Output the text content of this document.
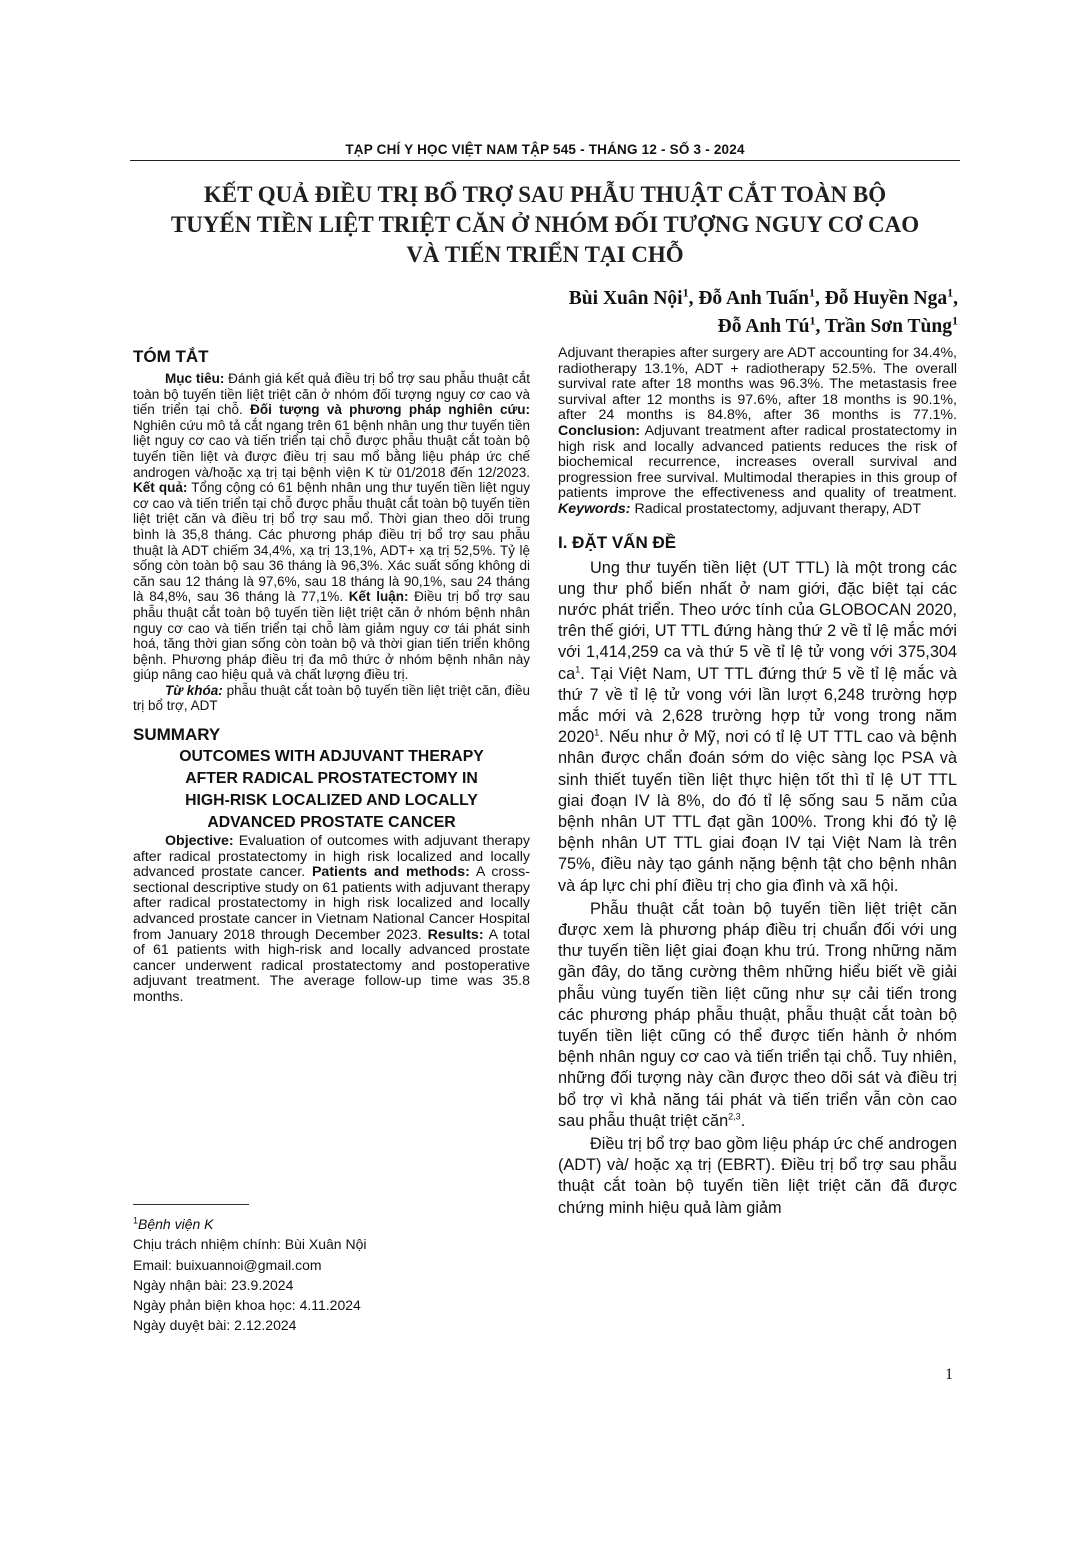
TẠP CHÍ Y HỌC VIỆT NAM TẬP 545 - THÁNG 12 - SỐ 3 - 2024
KẾT QUẢ ĐIỀU TRỊ BỔ TRỢ SAU PHẪU THUẬT CẮT TOÀN BỘ
TUYẾN TIỀN LIỆT TRIỆT CĂN Ở NHÓM ĐỐI TƯỢNG NGUY CƠ CAO
VÀ TIẾN TRIỂN TẠI CHỖ
Bùi Xuân Nội$^1$, Đỗ Anh Tuấn$^1$, Đỗ Huyền Nga$^1$,
Đỗ Anh $Tú^1$, Trần Sơn Tùng$^1$
TÓM TẮT

Mục tiêu: Đánh giá kết quả điều trị bổ trợ sau phẫu thuật cắt toàn bộ tuyến tiền liệt triệt căn ở nhóm đối tượng nguy cơ cao và tiến triển tại chỗ. Đối tượng và phương pháp nghiên cứu: Nghiên cứu mô tả cắt ngang trên 61 bệnh nhân ung thư tuyến tiền liệt nguy cơ cao và tiến triển tại chỗ được phẫu thuật cắt toàn bộ tuyến tiền liệt và được điều trị sau mổ bằng liệu pháp ức chế androgen và/hoặc xạ trị tại bệnh viện K từ 01/2018 đến 12/2023. Kết quả: Tổng cộng có 61 bệnh nhân ung thư tuyến tiền liệt nguy cơ cao và tiến triển tại chỗ được phẫu thuật cắt toàn bộ tuyến tiền liệt triệt căn và điều trị bổ trợ sau mổ. Thời gian theo dõi trung bình là 35,8 tháng. Các phương pháp điều trị bổ trợ sau phẫu thuật là ADT chiếm 34,4%, xạ trị 13,1%, ADT+ xạ trị 52,5%. Tỷ lệ sống còn toàn bộ sau 36 tháng là 96,3%. Xác suất sống không di căn sau 12 tháng là 97,6%, sau 18 tháng là 90,1%, sau 24 tháng là 84,8%, sau 36 tháng là 77,1%. Kết luận: Điều trị bổ trợ sau phẫu thuật cắt toàn bộ tuyến tiền liệt triệt căn ở nhóm bệnh nhân nguy cơ cao và tiến triển tại chỗ làm giảm nguy cơ tái phát sinh hoá, tăng thời gian sống còn toàn bộ và thời gian tiến triển không bệnh. Phương pháp điều trị đa mô thức ở nhóm bệnh nhân này giúp nâng cao hiệu quả và chất lượng điều trị.

Từ khóa: phẫu thuật cắt toàn bộ tuyến tiền liệt triệt căn, điều trị bổ trợ, ADT

SUMMARY
OUTCOMES WITH ADJUVANT THERAPY
AFTER RADICAL PROSTATECTOMY IN
HIGH-RISK LOCALIZED AND LOCALLY
ADVANCED PROSTATE CANCER

Objective: Evaluation of outcomes with adjuvant therapy after radical prostatectomy in high risk localized and locally advanced prostate cancer. Patients and methods: A cross-sectional descriptive study on 61 patients with adjuvant therapy after radical prostatectomy in high risk localized and locally advanced prostate cancer in Vietnam National Cancer Hospital from January 2018 through December 2023. Results: A total of 61 patients with high-risk and locally advanced prostate cancer underwent radical prostatectomy and postoperative adjuvant treatment. The average follow-up time was 35.8 months.

$^1$Bệnh viện K
Chịu trách nhiệm chính: Bùi Xuân Nội
Email: buixuannoi@gmail.com
Ngày nhận bài: 23.9.2024
Ngày phản biện khoa học: 4.11.2024
Ngày duyệt bài: 2.12.2024

Adjuvant therapies after surgery are ADT accounting for 34.4%, radiotherapy 13.1%, ADT + radiotherapy 52.5%. The overall survival rate after 18 months was 96.3%. The metastasis free survival after 12 months is 97.6%, after 18 months is 90.1%, after 24 months is 84.8%, after 36 months is 77.1%. Conclusion: Adjuvant treatment after radical prostatectomy in high risk and locally advanced patients reduces the risk of biochemical recurrence, increases overall survival and progression free survival. Multimodal therapies in this group of patients improve the effectiveness and quality of treatment. Keywords: Radical prostatectomy, adjuvant therapy, ADT

I. ĐẶT VẤN ĐỀ

Ung thư tuyến tiền liệt (UT TTL) là một trong các ung thư phổ biến nhất ở nam giới, đặc biệt tại các nước phát triển. Theo ước tính của GLOBOCAN 2020, trên thế giới, UT TTL đứng hàng thứ 2 về tỉ lệ mắc mới với 1,414,259 ca và thứ 5 về tỉ lệ tử vong với 375,304 $ca^1$. Tại Việt Nam, UT TTL đứng thứ 5 về tỉ lệ mắc và thứ 7 về tỉ lệ tử vong với lần lượt 6,248 trường hợp mắc mới và 2,628 trường hợp tử vong trong năm 2020$^1$. Nếu như ở Mỹ, nơi có tỉ lệ UT TTL cao và bệnh nhân được chẩn đoán sớm do việc sàng lọc PSA và sinh thiết tuyến tiền liệt thực hiện tốt thì tỉ lệ UT TTL giai đoạn IV là 8%, do đó tỉ lệ sống sau 5 năm của bệnh nhân UT TTL đạt gần 100%. Trong khi đó tỷ lệ bệnh nhân UT TTL giai đoạn IV tại Việt Nam là trên 75%, điều này tạo gánh nặng bệnh tật cho bệnh nhân và áp lực chi phí điều trị cho gia đình và xã hội.

Phẫu thuật cắt toàn bộ tuyến tiền liệt triệt căn được xem là phương pháp điều trị chuẩn đối với ung thư tuyến tiền liệt giai đoạn khu trú. Trong những năm gần đây, do tăng cường thêm những hiểu biết về giải phẫu vùng tuyến tiền liệt cũng như sự cải tiến trong các phương pháp phẫu thuật, phẫu thuật cắt toàn bộ tuyến tiền liệt cũng có thể được tiến hành ở nhóm bệnh nhân nguy cơ cao và tiến triển tại chỗ. Tuy nhiên, những đối tượng này cần được theo dõi sát và điều trị bổ trợ vì khả năng tái phát và tiến triển vẫn còn cao sau phẫu thuật triệt căn$^{2,3}$.

Điều trị bổ trợ bao gồm liệu pháp ức chế androgen (ADT) và/ hoặc xạ trị (EBRT). Điều trị bổ trợ sau phẫu thuật cắt toàn bộ tuyến tiền liệt triệt căn đã được chứng minh hiệu quả làm giảm

1
